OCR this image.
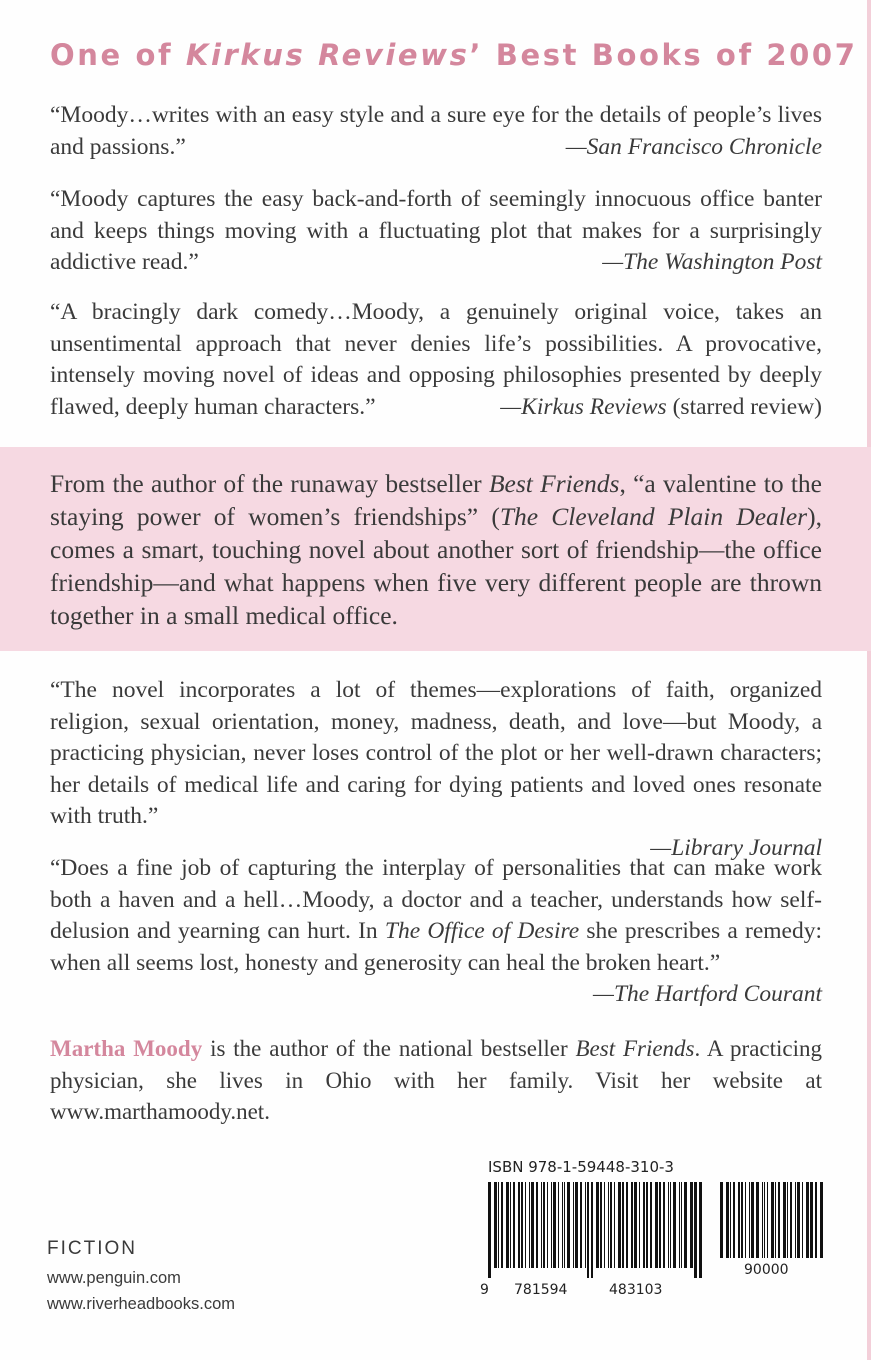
One of Kirkus Reviews’ Best Books of 2007
“Moody…writes with an easy style and a sure eye for the details of people’s lives and passions.”	—San Francisco Chronicle
“Moody captures the easy back-and-forth of seemingly innocuous office banter and keeps things moving with a fluctuating plot that makes for a surprisingly addictive read.”	—The Washington Post
“A bracingly dark comedy…Moody, a genuinely original voice, takes an unsentimental approach that never denies life’s possibilities. A provocative, intensely moving novel of ideas and opposing philosophies presented by deeply flawed, deeply human characters.”	—Kirkus Reviews (starred review)
From the author of the runaway bestseller Best Friends, “a valentine to the staying power of women’s friendships” (The Cleveland Plain Dealer), comes a smart, touching novel about another sort of friendship—the office friendship—and what happens when five very different people are thrown together in a small medical office.
“The novel incorporates a lot of themes—explorations of faith, organized religion, sexual orientation, money, madness, death, and love—but Moody, a practicing physician, never loses control of the plot or her well-drawn characters; her details of medical life and caring for dying patients and loved ones resonate with truth.”
—Library Journal
“Does a fine job of capturing the interplay of personalities that can make work both a haven and a hell…Moody, a doctor and a teacher, understands how self-delusion and yearning can hurt. In The Office of Desire she prescribes a remedy: when all seems lost, honesty and generosity can heal the broken heart.”
—The Hartford Courant
Martha Moody is the author of the national bestseller Best Friends. A practicing physician, she lives in Ohio with her family. Visit her website at www.marthamoody.net.
FICTION
www.penguin.com
www.riverheadbooks.com
ISBN 978-1-59448-310-3
9 781594	483103
90000
